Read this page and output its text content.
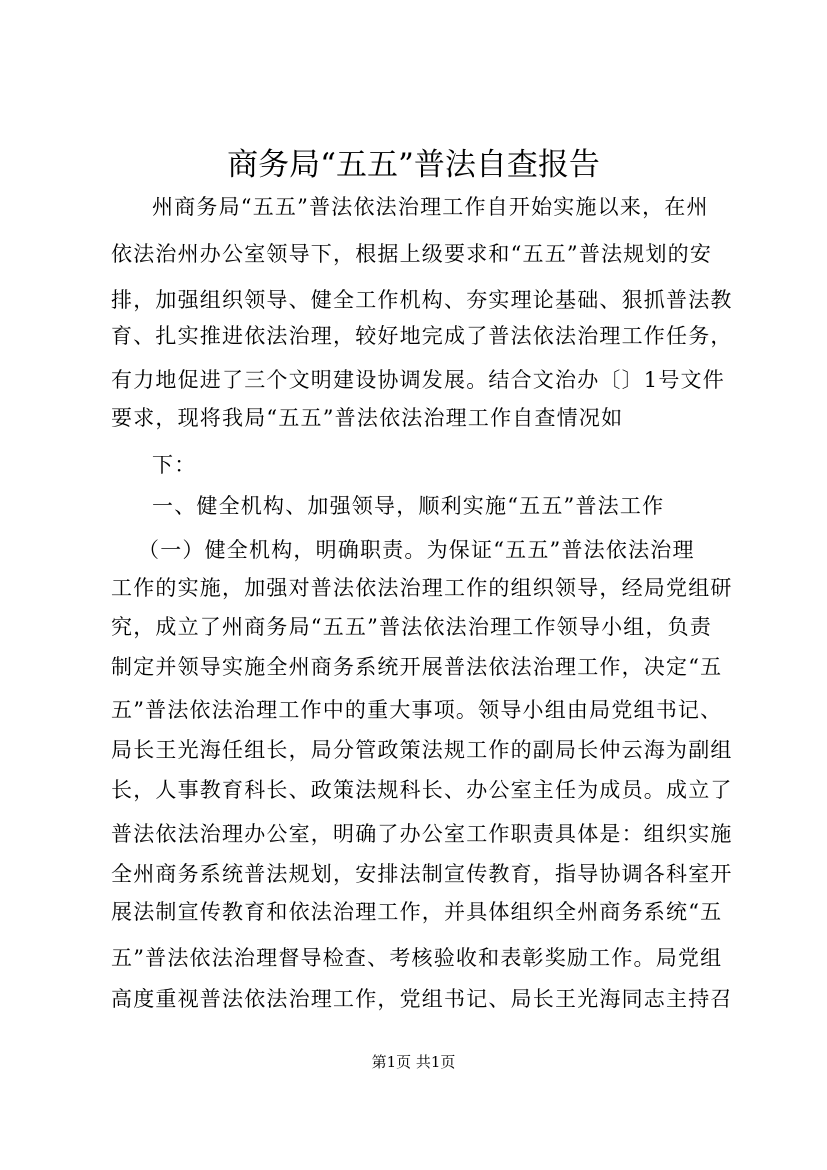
商务局“五五”普法自查报告
州商务局“五五”普法依法治理工作自开始实施以来，在州
依法治州办公室领导下，根据上级要求和“五五”普法规划的安
排，加强组织领导、健全工作机构、夯实理论基础、狠抓普法教
育、扎实推进依法治理，较好地完成了普法依法治理工作任务，
有力地促进了三个文明建设协调发展。结合文治办〔〕1号文件
要求，现将我局“五五”普法依法治理工作自查情况如
下：
一、健全机构、加强领导，顺利实施“五五”普法工作
（一）健全机构，明确职责。为保证“五五”普法依法治理
工作的实施，加强对普法依法治理工作的组织领导，经局党组研
究，成立了州商务局“五五”普法依法治理工作领导小组，负责
制定并领导实施全州商务系统开展普法依法治理工作，决定“五
五”普法依法治理工作中的重大事项。领导小组由局党组书记、
局长王光海任组长，局分管政策法规工作的副局长仲云海为副组
长，人事教育科长、政策法规科长、办公室主任为成员。成立了
普法依法治理办公室，明确了办公室工作职责具体是：组织实施
全州商务系统普法规划，安排法制宣传教育，指导协调各科室开
展法制宣传教育和依法治理工作，并具体组织全州商务系统“五
五”普法依法治理督导检查、考核验收和表彰奖励工作。局党组
高度重视普法依法治理工作，党组书记、局长王光海同志主持召
第1页 共1页
